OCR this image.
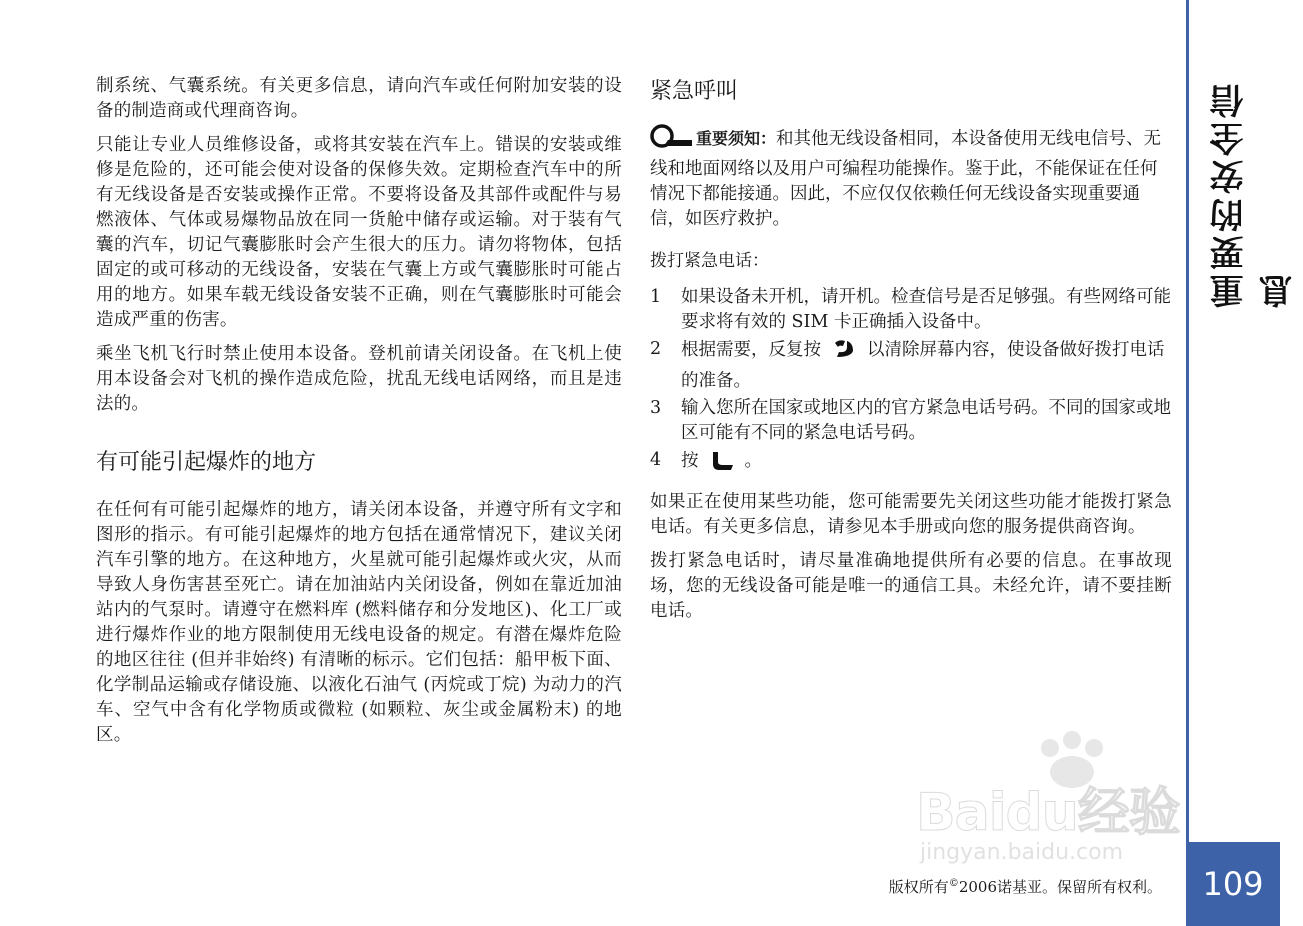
制系统、气囊系统。有关更多信息，请向汽车或任何附加安装的设备的制造商或代理商咨询。

只能让专业人员维修设备，或将其安装在汽车上。错误的安装或维修是危险的，还可能会使对设备的保修失效。定期检查汽车中的所有无线设备是否安装或操作正常。不要将设备及其部件或配件与易燃液体、气体或易爆物品放在同一货舱中储存或运输。对于装有气囊的汽车，切记气囊膨胀时会产生很大的压力。请勿将物体，包括固定的或可移动的无线设备，安装在气囊上方或气囊膨胀时可能占用的地方。如果车载无线设备安装不正确，则在气囊膨胀时可能会造成严重的伤害。

乘坐飞机飞行时禁止使用本设备。登机前请关闭设备。在飞机上使用本设备会对飞机的操作造成危险，扰乱无线电话网络，而且是违法的。

有可能引起爆炸的地方

在任何有可能引起爆炸的地方，请关闭本设备，并遵守所有文字和图形的指示。有可能引起爆炸的地方包括在通常情况下，建议关闭汽车引擎的地方。在这种地方，火星就可能引起爆炸或火灾，从而导致人身伤害甚至死亡。请在加油站内关闭设备，例如在靠近加油站内的气泵时。请遵守在燃料库 (燃料储存和分发地区)、化工厂或进行爆炸作业的地方限制使用无线电设备的规定。有潜在爆炸危险的地区往往 (但并非始终) 有清晰的标示。它们包括：船甲板下面、化学制品运输或存储设施、以液化石油气 (丙烷或丁烷) 为动力的汽车、空气中含有化学物质或微粒 (如颗粒、灰尘或金属粉末) 的地区。

紧急呼叫

重要须知：和其他无线设备相同，本设备使用无线电信号、无线和地面网络以及用户可编程功能操作。鉴于此，不能保证在任何情况下都能接通。因此，不应仅仅依赖任何无线设备实现重要通信，如医疗救护。

拨打紧急电话：

1	如果设备未开机，请开机。检查信号是否足够强。有些网络可能要求将有效的 SIM 卡正确插入设备中。
2	根据需要，反复按	以清除屏幕内容，使设备做好拨打电话的准备。
3	输入您所在国家或地区内的官方紧急电话号码。不同的国家或地区可能有不同的紧急电话号码。
4	按	。

如果正在使用某些功能，您可能需要先关闭这些功能才能拨打紧急电话。有关更多信息，请参见本手册或向您的服务提供商咨询。

拨打紧急电话时，请尽量准确地提供所有必要的信息。在事故现场，您的无线设备可能是唯一的通信工具。未经允许，请不要挂断电话。

Baidu经验
jingyan.baidu.com
重要的安全信息
版权所有©2006诺基亚。保留所有权利。	109
